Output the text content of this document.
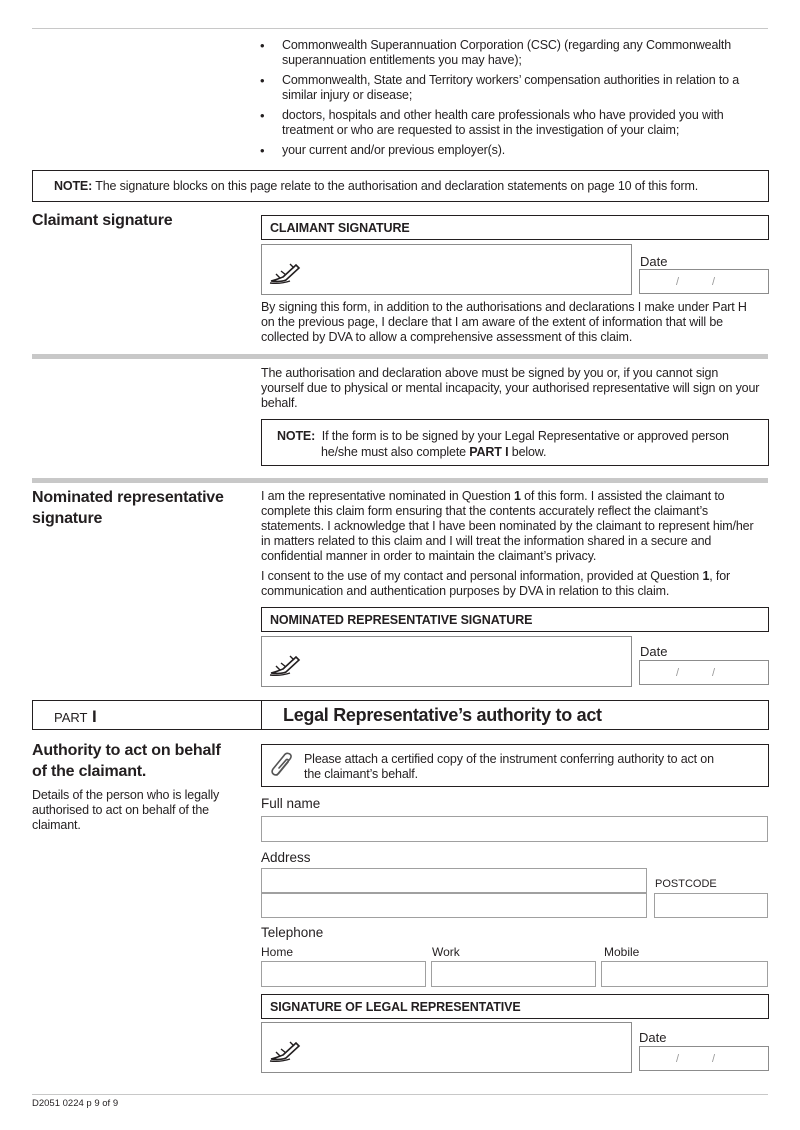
• Commonwealth Superannuation Corporation (CSC) (regarding any Commonwealth superannuation entitlements you may have);
• Commonwealth, State and Territory workers’ compensation authorities in relation to a similar injury or disease;
• doctors, hospitals and other health care professionals who have provided you with treatment or who are requested to assist in the investigation of your claim;
• your current and/or previous employer(s).
NOTE: The signature blocks on this page relate to the authorisation and declaration statements on page 10 of this form.
Claimant signature	CLAIMANT SIGNATURE
Date
/	/
By signing this form, in addition to the authorisations and declarations I make under Part H on the previous page, I declare that I am aware of the extent of information that will be collected by DVA to allow a comprehensive assessment of this claim.
The authorisation and declaration above must be signed by you or, if you cannot sign yourself due to physical or mental incapacity, your authorised representative will sign on your behalf.
NOTE: If the form is to be signed by your Legal Representative or approved person
he/she must also complete PART I below.
Nominated representative
signature
I am the representative nominated in Question 1 of this form. I assisted the claimant to complete this claim form ensuring that the contents accurately reflect the claimant’s statements. I acknowledge that I have been nominated by the claimant to represent him/her in matters related to this claim and I will treat the information shared in a secure and confidential manner in order to maintain the claimant’s privacy.
I consent to the use of my contact and personal information, provided at Question 1, for communication and authentication purposes by DVA in relation to this claim.
NOMINATED REPRESENTATIVE SIGNATURE
Date
/	/
PART I	Legal Representative’s authority to act
Authority to act on behalf
of the claimant.
Details of the person who is legally authorised to act on behalf of the claimant.
Please attach a certified copy of the instrument conferring authority to act on
the claimant’s behalf.
Full name
Address
POSTCODE
Telephone
Home	Work	Mobile
SIGNATURE OF LEGAL REPRESENTATIVE
Date
/	/
D2051 0224 p 9 of 9
